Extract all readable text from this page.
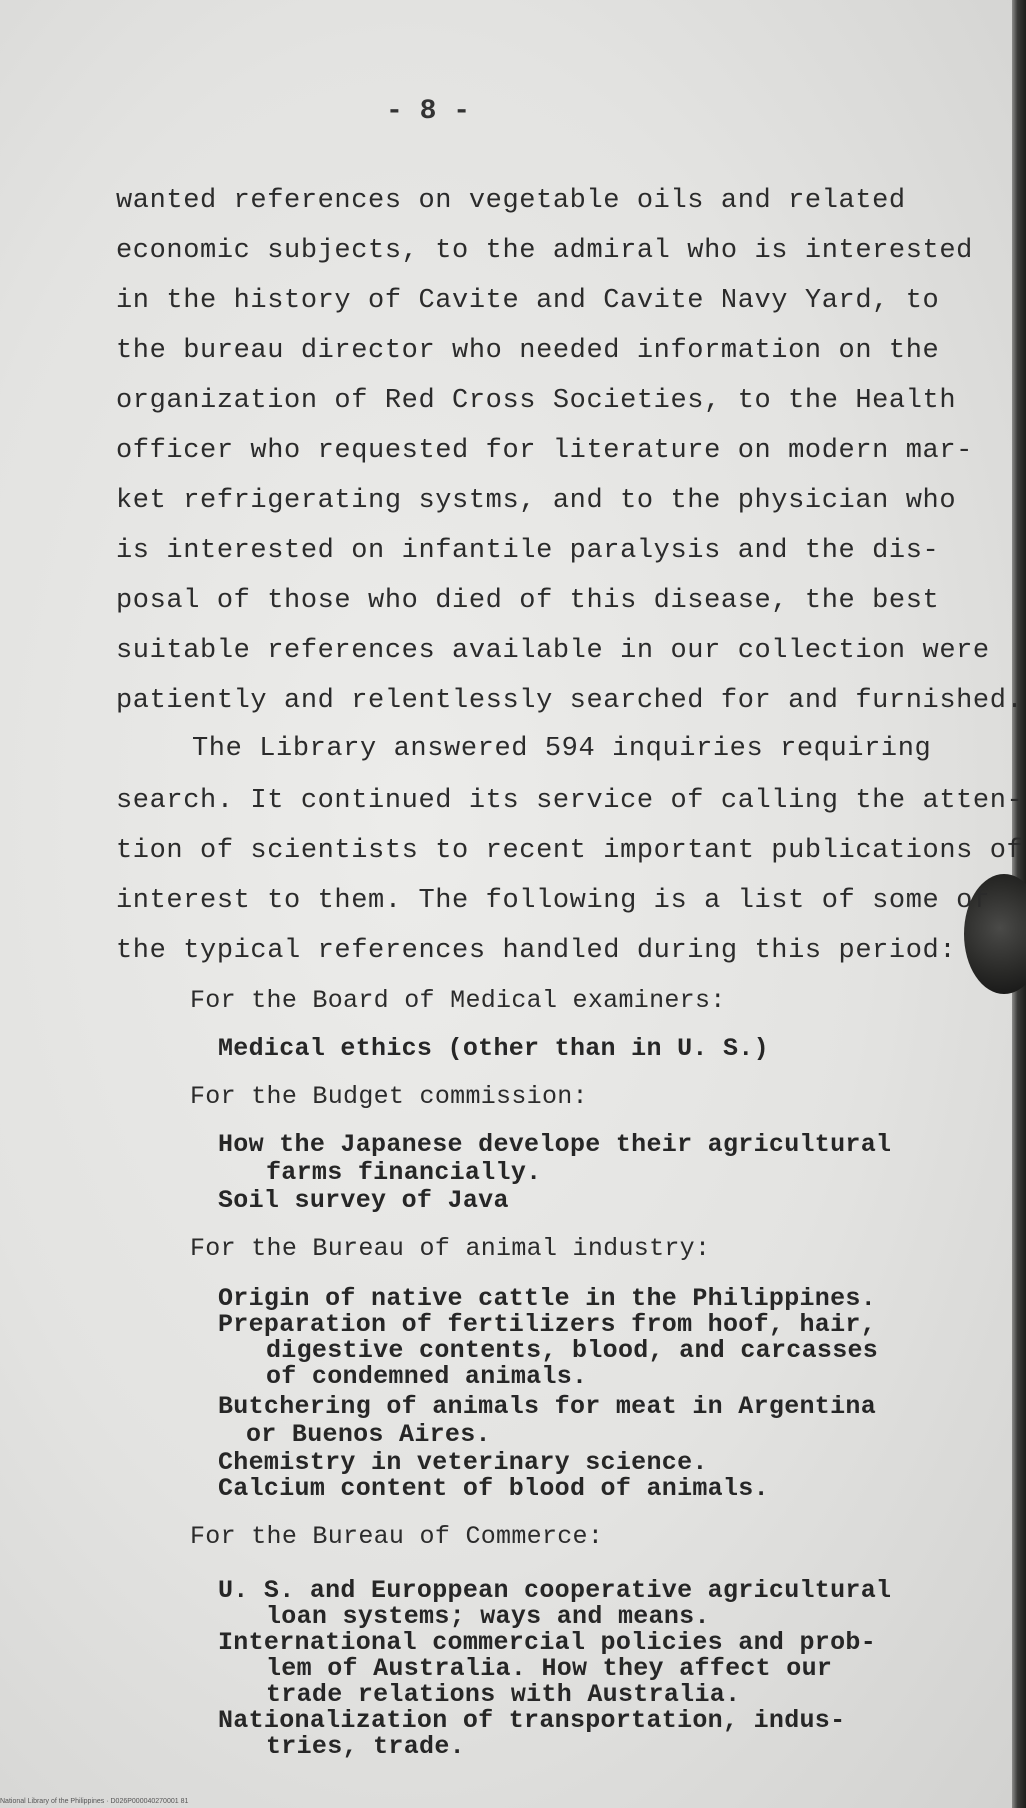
- 8 -
wanted references on vegetable oils and related
economic subjects, to the admiral who is interested
in the history of Cavite and Cavite Navy Yard, to
the bureau director who needed information on the
organization of Red Cross Societies, to the Health
officer who requested for literature on modern mar-
ket refrigerating systms, and to the physician who
is interested on infantile paralysis and the dis-
posal of those who died of this disease, the best
suitable references available in our collection were
patiently and relentlessly searched for and furnished.
The Library answered 594 inquiries requiring
search. It continued its service of calling the atten-
tion of scientists to recent important publications of
interest to them. The following is a list of some of
the typical references handled during this period:
For the Board of Medical examiners:
Medical ethics (other than in U. S.)
For the Budget commission:
How the Japanese develope their agricultural
farms financially.
Soil survey of Java
For the Bureau of animal industry:
Origin of native cattle in the Philippines.
Preparation of fertilizers from hoof, hair,
digestive contents, blood, and carcasses
of condemned animals.
Butchering of animals for meat in Argentina
or Buenos Aires.
Chemistry in veterinary science.
Calcium content of blood of animals.
For the Bureau of Commerce:
U. S. and Europpean cooperative agricultural
loan systems; ways and means.
International commercial policies and prob-
lem of Australia. How they affect our
trade relations with Australia.
Nationalization of transportation, indus-
tries, trade.
National Library of the Philippines · D026P000040270001 81
